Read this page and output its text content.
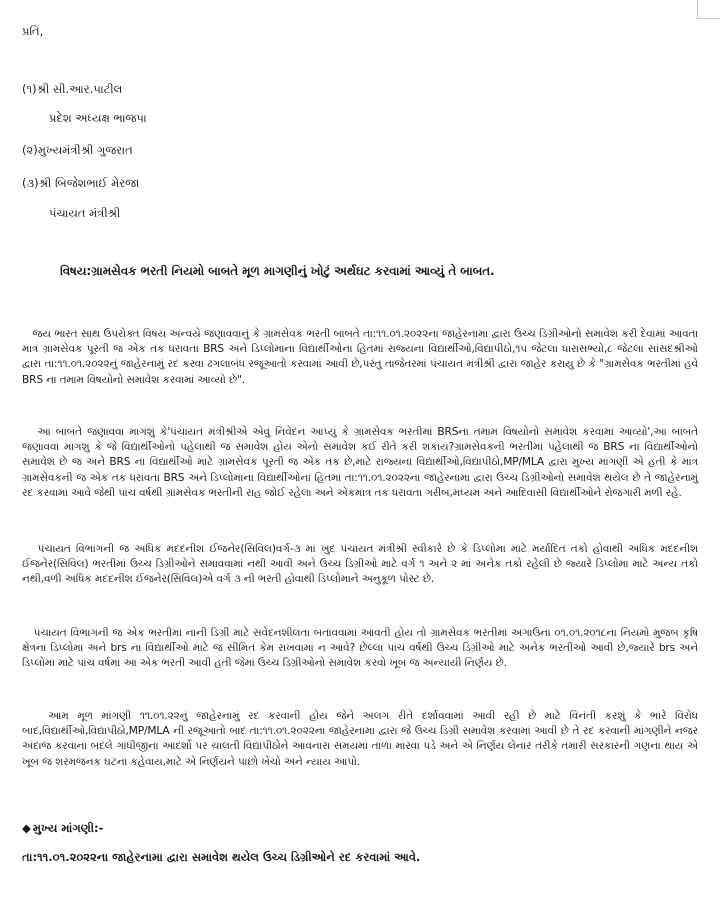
પ્રતિ,
(૧)શ્રી સી.આર.પાટીલ
પ્રદેશ અધ્યક્ષ ભાજપા
(૨)મુખ્યમંત્રીશ્રી ગુજરાત
(૩)શ્રી બિજેશભાઈ મેરજા
પંચાયત મંત્રીશ્રી
વિષય:ગ્રામસેવક ભરતી નિયમો બાબતે મૂળ માગણીનું ખોટું અર્થઘટ કરવામાં આવ્યું તે બાબત.
જય ભારત સાથ ઉપરોક્ત વિષય અન્વયે જણાવવાનું કે ગ્રામસેવક ભરતી બાબતે તા:૧૧.૦૧.૨૦૨૨ના જાહેરનામા દ્વારા ઉચ્ચ ડિગ્રીઓનો સમાવેશ કરી દેવામાં આવતા માત્ર ગ્રામસેવક પૂરતી જ એક તક ધરાવતા BRS અને ડિપ્લોમાના વિદ્યાર્થીઓના હિતમાં રાજ્યના વિદ્યાર્થીઓ,વિદ્યાપીઠો,૧૫ જેટલા ધારાસભ્યો,૮ જેટલા સાંસદશ્રીઓ દ્વારા તા:૧૧.૦૧.૨૦૨૨નું જાહેરનામું રદ કરવા ઢગલાબંધ રજૂઆતો કરવામાં આવી છે,પરંતુ તાજેતરમાં પંચાયત મંત્રીશ્રી દ્વારા જાહેર કરાયુ છે કે "ગ્રામસેવક ભરતીમાં હવે BRS ના તમામ વિષયોનો સમાવેશ કરવામાં આવ્યો છે".
આ બાબતે જણાવવા માગશું કે'પંચાયત મંત્રીશ્રીએ એવું નિવેદન આપ્યું કે ગ્રામસેવક ભરતીમાં BRSના તમામ વિષયોનો સમાવેશ કરવામાં આવ્યો',આ બાબતે જણાવવા માગશુ કે જે વિદ્યાર્થીઓનો પહેલાથી જ સમાવેશ હોય એનો સમાવેશ કઈ રીતે કરી શકાય?ગ્રામસેવકની ભરતીમાં પહેલાથી જ BRS ના વિદ્યાર્થીઓનો સમાવેશ છે જ અને BRS ના વિદ્યાર્થીઓ માટે ગ્રામસેવક પૂરતી જ એક તક છે,માટે રાજ્યના વિદ્યાર્થીઓ,વિદ્યાપીઠો,MP/MLA દ્વારા મુખ્ય માંગણી એ હતી કે માત્ર ગ્રામસેવકની જ એક તક ધરાવતા BRS અને ડિપ્લોમાના વિદ્યાર્થીઓના હિતમાં તા:૧૧.૦૧.૨૦૨૨ના જાહેરનામા દ્વારા ઉચ્ચ ડિગ્રીઓનો સમાવેશ થયેલ છે તે જાહેરનામું રદ કરવામાં આવે જેથી પાંચ વર્ષથી ગ્રામસેવક ભરતીની રાહ જોઈ રહેલા અને એકમાત્ર તક ધરાવતા ગરીબ,મધ્યમ અને આદિવાસી વિદ્યાર્થીઓને રોજગારી મળી રહે.
પંચાયત વિભાગની જ અધિક મદદનીશ ઈજનેર(સિવિલ)વર્ગ-૩ માં ખુદ પંચાયત મંત્રીશ્રી સ્વીકારે છે કે ડિપ્લોમા માટે મર્યાદિત તકો હોવાથી અધિક મદદનીશ ઈજનેર(સિવિલ) ભરતીમાં ઉચ્ચ ડિગ્રીઓને સમાવવામાં નથી આવી અને ઉચ્ચ ડિગ્રીઓ માટે વર્ગ ૧ અને ૨ માં અનેક તકો રહેલી છે જ્યારે ડિપ્લોમા માટે અન્ય તકો નથી,વળી અધિક મદદનીશ ઈજનેર(સિવિલ)એ વર્ગ ૩ ની ભરતી હોવાથી ડિપ્લોમાને અનુકૂળ પોસ્ટ છે.
પંચાયત વિભાગની જ એક ભરતીમાં નાની ડિગ્રી માટે સંવેદનશીલતા બતાવવામાં આવતી હોય તો ગ્રામસેવક ભરતીમાં અગાઉના ૦૧.૦૧.૨૦૧૮ના નિયમો મુજબ કૃષિ ક્ષેત્રના ડિપ્લોમા અને brs ના વિદ્યાર્થીઓ માટે જ સીમિત કેમ રાખવામાં ન આવે? છેલ્લા પાંચ વર્ષથી ઉચ્ચ ડિગ્રીઓ માટે અનેક ભરતીઓ આવી છે,જ્યારે brs અને ડિપ્લોમા માટે પાંચ વર્ષમાં આ એક ભરતી આવી હતી જેમાં ઉચ્ચ ડિગ્રીઓનો સમાવેશ કરવો ખૂબ જ અન્યાયી નિર્ણય છે.
આમ મૂળ માંગણી ૧૧.૦૧.૨૨નું જાહેરનામું રદ કરવાની હોય જેને અલગ રીતે દર્શાવવામાં આવી રહી છે માટે વિનંતી કરશું કે ભારે વિરોધ બાદ,વિદ્યાર્થીઓ,વિદ્યાપીઠો,MP/MLA ની રજૂઆતો બાદ તા:૧૧.૦૧.૨૦૨૨ના જાહેરનામા દ્વારા જે ઉચ્ચ ડિગ્રી સમાવેશ કરવામાં આવી છે તે રદ કરવાની માંગણીને નજર અંદાજ કરવાના બદલે ગાંધીજીના આદર્શો પર ચાલતી વિદ્યાપીઠોને આવનારા સમયમાં તાળા મારવા પડે અને એ નિર્ણય લેનાર તરીકે તમારી સરકારની ગણના થાય એ ખૂબ જ શરમજનક ઘટના કહેવાય,માટે એ નિર્ણયને પાછો ખેંચો અને ન્યાય આપો.
◆ મુખ્ય માંગણી:-
તા:૧૧.૦૧.૨૦૨૨ના જાહેરનામા દ્વારા સમાવેશ થયેલ ઉચ્ચ ડિગ્રીઓને રદ કરવામાં આવે.
